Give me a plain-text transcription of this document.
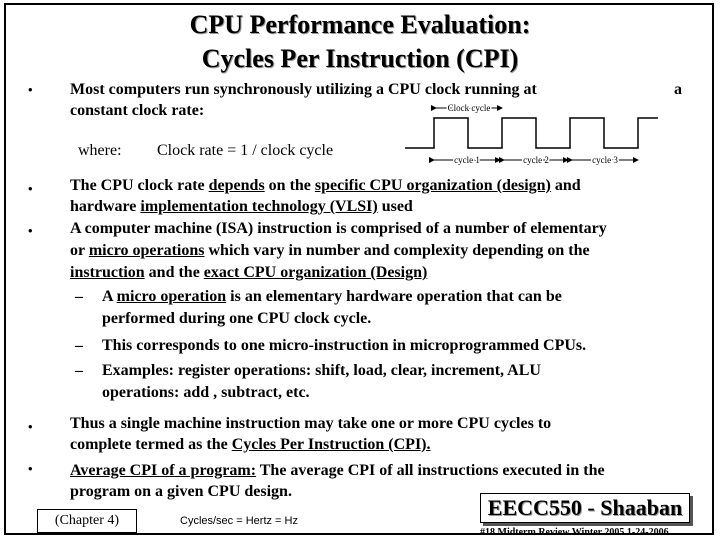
CPU Performance Evaluation:
Cycles Per Instruction (CPI)
• Most computers run synchronously utilizing a CPU clock running at	a
constant clock rate:
where: Clock rate = 1 / clock cycle
Clock cycle
cycle 1	cycle 2	cycle 3
• The CPU clock rate depends on the specific CPU organization (design) and
hardware implementation technology (VLSI) used
• A computer machine (ISA) instruction is comprised of a number of elementary
or micro operations which vary in number and complexity depending on the
instruction and the exact CPU organization (Design)
– A micro operation is an elementary hardware operation that can be
performed during one CPU clock cycle.
– This corresponds to one micro-instruction in microprogrammed CPUs.
– Examples: register operations: shift, load, clear, increment, ALU
operations: add , subtract, etc.
• Thus a single machine instruction may take one or more CPU cycles to
complete termed as the Cycles Per Instruction (CPI).
• Average CPI of a program: The average CPI of all instructions executed in the
program on a given CPU design.
(Chapter 4)	Cycles/sec = Hertz = Hz
EECC550 - Shaaban
#18 Midterm Review Winter 2005 1-24-2006
